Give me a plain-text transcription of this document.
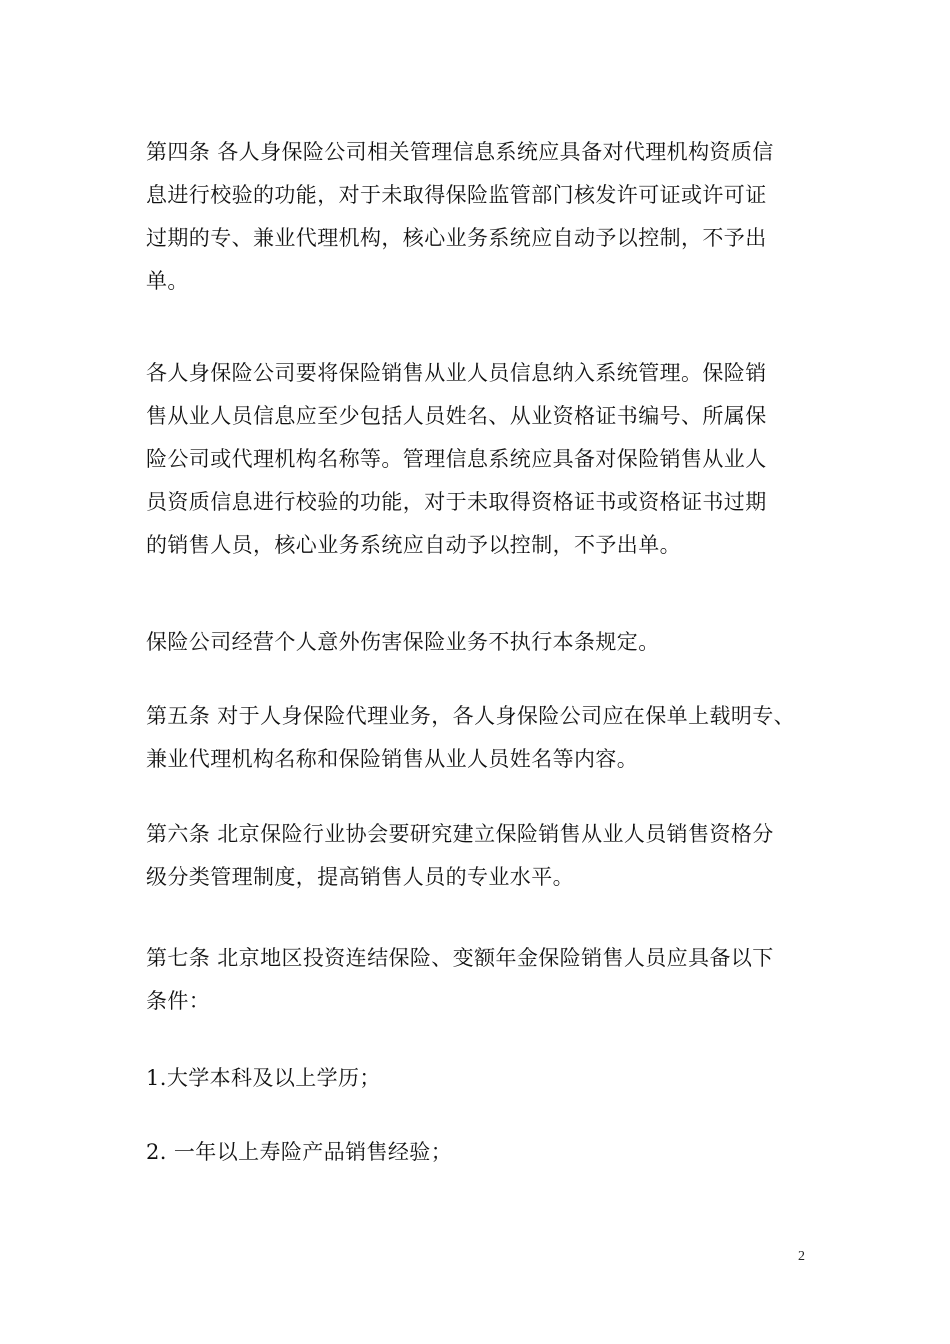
第四条 各人身保险公司相关管理信息系统应具备对代理机构资质信
息进行校验的功能，对于未取得保险监管部门核发许可证或许可证
过期的专、兼业代理机构，核心业务系统应自动予以控制，不予出
单。

各人身保险公司要将保险销售从业人员信息纳入系统管理。保险销
售从业人员信息应至少包括人员姓名、从业资格证书编号、所属保
险公司或代理机构名称等。管理信息系统应具备对保险销售从业人
员资质信息进行校验的功能，对于未取得资格证书或资格证书过期
的销售人员，核心业务系统应自动予以控制，不予出单。

保险公司经营个人意外伤害保险业务不执行本条规定。

第五条 对于人身保险代理业务，各人身保险公司应在保单上载明专、
兼业代理机构名称和保险销售从业人员姓名等内容。

第六条 北京保险行业协会要研究建立保险销售从业人员销售资格分
级分类管理制度，提高销售人员的专业水平。

第七条 北京地区投资连结保险、变额年金保险销售人员应具备以下
条件：

1.大学本科及以上学历；

2. 一年以上寿险产品销售经验；

2
